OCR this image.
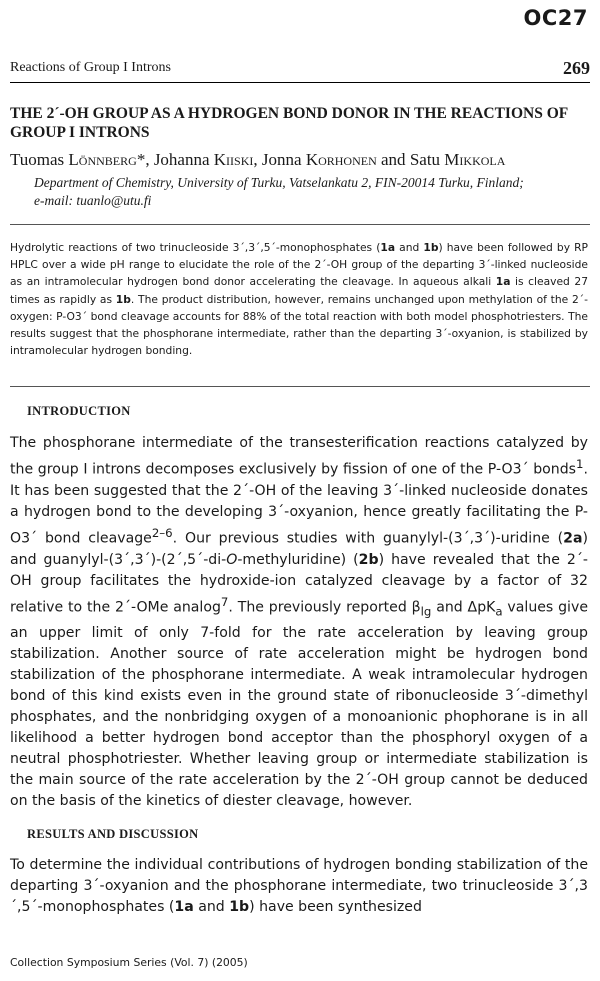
OC27
Reactions of Group I Introns	269
THE 2´-OH GROUP AS A HYDROGEN BOND DONOR IN THE REACTIONS OF GROUP I INTRONS
Tuomas Lönnberg*, Johanna Kiiski, Jonna Korhonen and Satu Mikkola
Department of Chemistry, University of Turku, Vatselankatu 2, FIN-20014 Turku, Finland;
e-mail: tuanlo@utu.fi
Hydrolytic reactions of two trinucleoside 3´,3´,5´-monophosphates (1a and 1b) have been followed by RP HPLC over a wide pH range to elucidate the role of the 2´-OH group of the departing 3´-linked nucleoside as an intramolecular hydrogen bond donor accelerating the cleavage. In aqueous alkali 1a is cleaved 27 times as rapidly as 1b. The product distribution, however, remains unchanged upon methylation of the 2´-oxygen: P-O3´ bond cleavage accounts for 88% of the total reaction with both model phosphotriesters. The results suggest that the phosphorane intermediate, rather than the departing 3´-oxyanion, is stabilized by intramolecular hydrogen bonding.
INTRODUCTION
The phosphorane intermediate of the transesterification reactions catalyzed by the group I introns decomposes exclusively by fission of one of the P-O3´ bonds$^1$. It has been suggested that the 2´-OH of the leaving 3´-linked nucleoside donates a hydrogen bond to the developing 3´-oxyanion, hence greatly facilitating the P-O3´ bond cleavage$^{2-6}$. Our previous studies with guanylyl-(3´,3´)-uridine (2a) and guanylyl-(3´,3´)-(2´,5´-di-O-methyluridine) (2b) have revealed that the 2´-OH group facilitates the hydroxide-ion catalyzed cleavage by a factor of 32 relative to the 2´-OMe analog$^7$. The previously reported $\beta_{lg}$ and ΔpK$_a$ values give an upper limit of only 7-fold for the rate acceleration by leaving group stabilization. Another source of rate acceleration might be hydrogen bond stabilization of the phosphorane intermediate. A weak intramolecular hydrogen bond of this kind exists even in the ground state of ribonucleoside 3´-dimethyl phosphates, and the nonbridging oxygen of a monoanionic phophorane is in all likelihood a better hydrogen bond acceptor than the phosphoryl oxygen of a neutral phosphotriester. Whether leaving group or intermediate stabilization is the main source of the rate acceleration by the 2´-OH group cannot be deduced on the basis of the kinetics of diester cleavage, however.
RESULTS AND DISCUSSION
To determine the individual contributions of hydrogen bonding stabilization of the departing 3´-oxyanion and the phosphorane intermediate, two trinucleoside 3´,3´,5´-monophosphates (1a and 1b) have been synthesized
Collection Symposium Series (Vol. 7) (2005)
